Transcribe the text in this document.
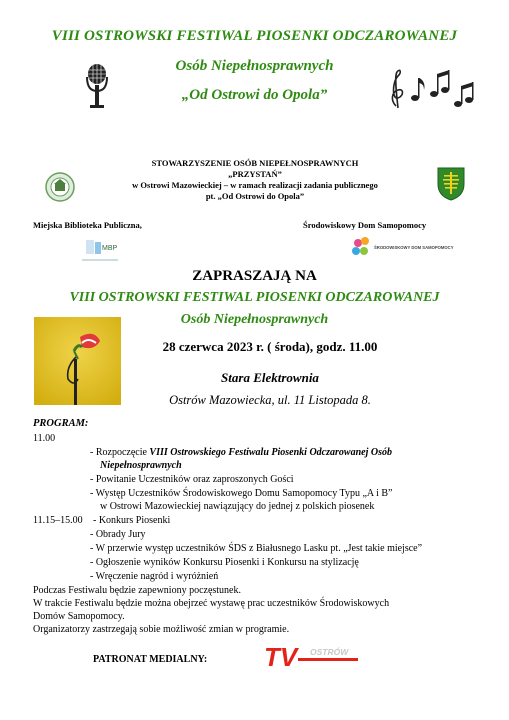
VIII OSTROWSKI FESTIWAL PIOSENKI ODCZAROWANEJ
Osób Niepełnosprawnych
„Od Ostrowi do Opola”
STOWARZYSZENIE OSÓB NIEPEŁNOSPRAWNYCH
„PRZYSTAŃ”
w Ostrowi Mazowieckiej – w ramach realizacji zadania publicznego
pt. „Od Ostrowi do Opola”
Miejska Biblioteka Publiczna,	Środowiskowy Dom Samopomocy
MBP	ŚRODOWISKOWY DOM SAMOPOMOCY
ZAPRASZAJĄ NA
VIII OSTROWSKI FESTIWAL PIOSENKI ODCZAROWANEJ
Osób Niepełnosprawnych
28 czerwca 2023 r. ( środa), godz. 11.00
Stara Elektrownia
Ostrów Mazowiecka, ul. 11 Listopada 8.
PROGRAM:
11.00
- Rozpoczęcie VIII Ostrowskiego Festiwalu Piosenki Odczarowanej Osób
Niepełnosprawnych
- Powitanie Uczestników oraz zaproszonych Gości
- Występ Uczestników Środowiskowego Domu Samopomocy Typu „A i B”
w Ostrowi Mazowieckiej nawiązujący do jednej z polskich piosenek
11.15–15.00 - Konkurs Piosenki
- Obrady Jury
- W przerwie występ uczestników ŚDS z Białusnego Lasku pt. „Jest takie miejsce”
- Ogłoszenie wyników Konkursu Piosenki i Konkursu na stylizację
- Wręczenie nagród i wyróżnień
Podczas Festiwalu będzie zapewniony poczęstunek.
W trakcie Festiwalu będzie można obejrzeć wystawę prac uczestników Środowiskowych
Domów Samopomocy.
Organizatorzy zastrzegają sobie możliwość zmian w programie.
PATRONAT MEDIALNY: TV	OSTRÓW
